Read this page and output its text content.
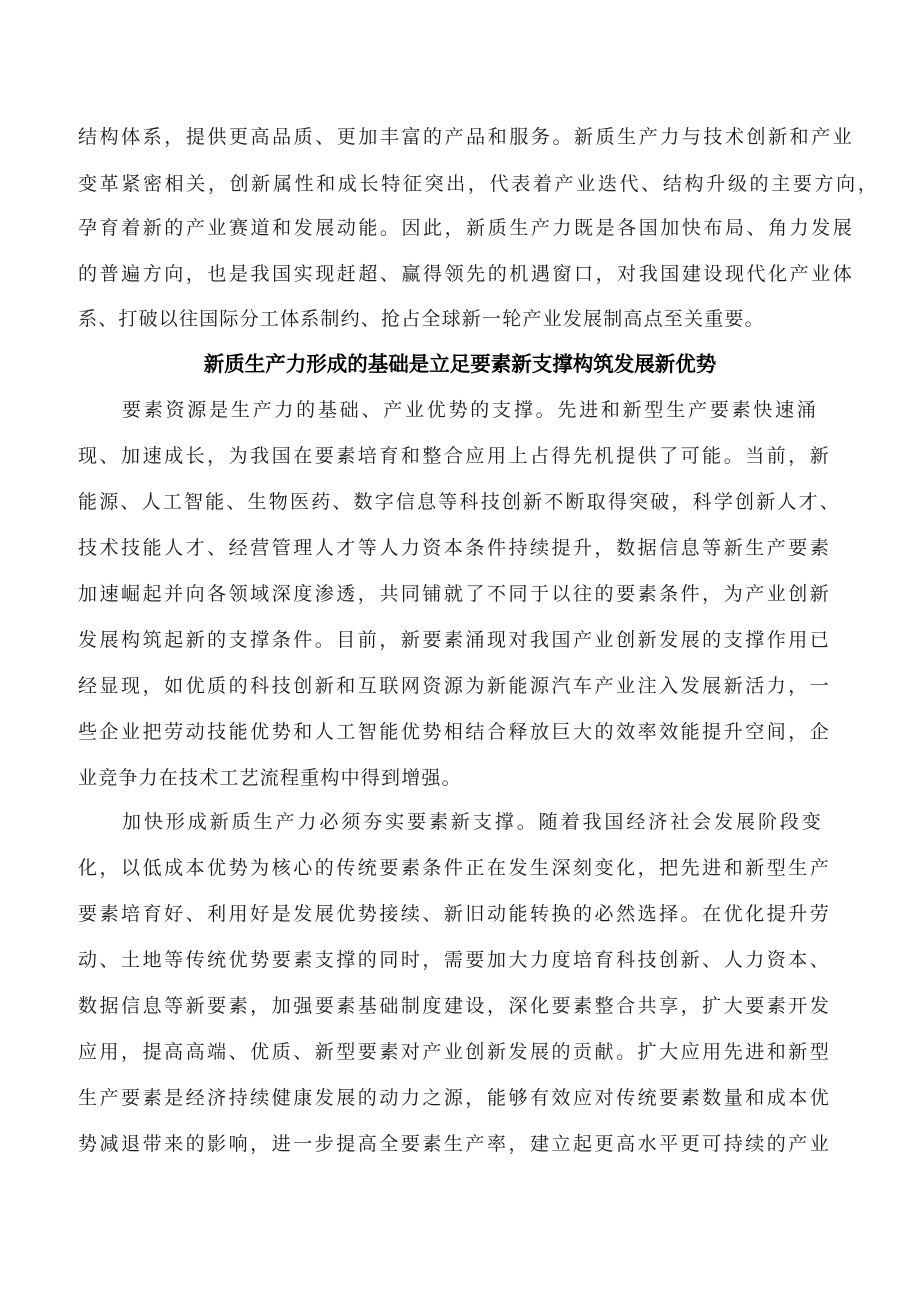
结构体系，提供更高品质、更加丰富的产品和服务。新质生产力与技术创新和产业
变革紧密相关，创新属性和成长特征突出，代表着产业迭代、结构升级的主要方向，
孕育着新的产业赛道和发展动能。因此，新质生产力既是各国加快布局、角力发展
的普遍方向，也是我国实现赶超、赢得领先的机遇窗口，对我国建设现代化产业体
系、打破以往国际分工体系制约、抢占全球新一轮产业发展制高点至关重要。
新质生产力形成的基础是立足要素新支撑构筑发展新优势
要素资源是生产力的基础、产业优势的支撑。先进和新型生产要素快速涌
现、加速成长，为我国在要素培育和整合应用上占得先机提供了可能。当前，新
能源、人工智能、生物医药、数字信息等科技创新不断取得突破，科学创新人才、
技术技能人才、经营管理人才等人力资本条件持续提升，数据信息等新生产要素
加速崛起并向各领域深度渗透，共同铺就了不同于以往的要素条件，为产业创新
发展构筑起新的支撑条件。目前，新要素涌现对我国产业创新发展的支撑作用已
经显现，如优质的科技创新和互联网资源为新能源汽车产业注入发展新活力，一
些企业把劳动技能优势和人工智能优势相结合释放巨大的效率效能提升空间，企
业竞争力在技术工艺流程重构中得到增强。
加快形成新质生产力必须夯实要素新支撑。随着我国经济社会发展阶段变
化，以低成本优势为核心的传统要素条件正在发生深刻变化，把先进和新型生产
要素培育好、利用好是发展优势接续、新旧动能转换的必然选择。在优化提升劳
动、土地等传统优势要素支撑的同时，需要加大力度培育科技创新、人力资本、
数据信息等新要素，加强要素基础制度建设，深化要素整合共享，扩大要素开发
应用，提高高端、优质、新型要素对产业创新发展的贡献。扩大应用先进和新型
生产要素是经济持续健康发展的动力之源，能够有效应对传统要素数量和成本优
势减退带来的影响，进一步提高全要素生产率，建立起更高水平更可持续的产业
